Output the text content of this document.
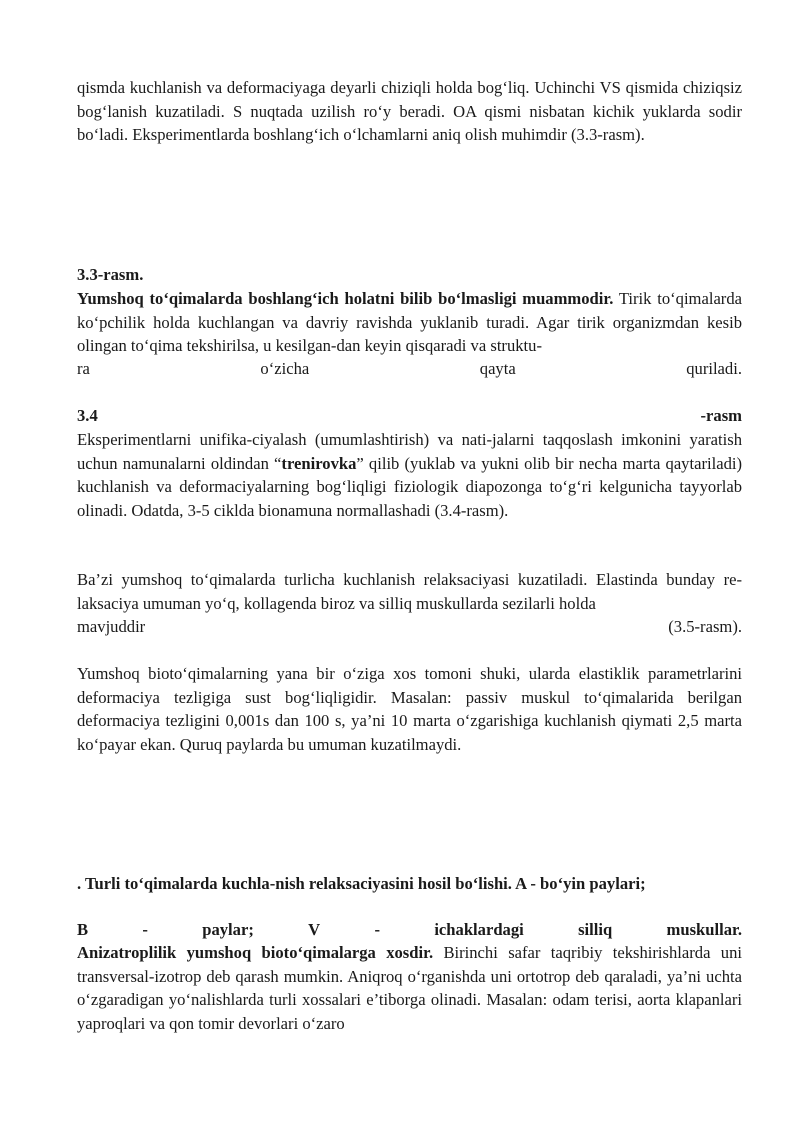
qismda kuchlanish va deformaciyaga deyarli chiziqli holda bog‘liq. Uchinchi VS qismida chiziqsiz bog‘lanish kuzatiladi. S nuqtada uzilish ro‘y beradi. OA qismi nisbatan kichik yuklarda sodir bo‘ladi. Eksperimentlarda boshlang‘ich o‘lchamlarni aniq olish muhimdir (3.3-rasm).

3.3-rasm.

Yumshoq to‘qimalarda boshlang‘ich holatni bilib bo‘lmasligi muammodir. Tirik to‘qimalarda ko‘pchilik holda kuchlangan va davriy ravishda yuklanib turadi. Agar tirik organizmdan kesib olingan to‘qima tekshirilsa, u kesilgan-dan keyin qisqaradi va struktu-

ra	o‘zicha	qayta	quriladi.
3.4	-rasm

Eksperimentlarni unifika-ciyalash (umumlashtirish) va nati-jalarni taqqoslash imkonini yaratish uchun namunalarni oldindan “trenirovka” qilib (yuklab va yukni olib bir necha marta qaytariladi) kuchlanish va deformaciyalarning bog‘liqligi fiziologik diapozonga to‘g‘ri kelgunicha tayyorlab olinadi. Odatda, 3-5 ciklda bionamuna normallashadi (3.4-rasm).

Ba’zi yumshoq to‘qimalarda turlicha kuchlanish relaksaciyasi kuzatiladi. Elastinda bunday re-laksaciya umuman yo‘q, kollagenda biroz va silliq muskullarda sezilarli holda

mavjuddir	(3.5-rasm).

Yumshoq bioto‘qimalarning yana bir o‘ziga xos tomoni shuki, ularda elastiklik parametrlarini deformaciya tezligiga sust bog‘liqligidir. Masalan: passiv muskul to‘qimalarida berilgan deformaciya tezligini 0,001s dan 100 s, ya’ni 10 marta o‘zgarishiga kuchlanish qiymati 2,5 marta ko‘payar ekan. Quruq paylarda bu umuman kuzatilmaydi.

. Turli to‘qimalarda kuchla-nish relaksaciyasini hosil bo‘lishi. A - bo‘yin paylari;

B	-	paylar;	V	-	ichaklardagi	silliq	muskullar.

Anizatroplilik yumshoq bioto‘qimalarga xosdir. Birinchi safar taqribiy tekshirishlarda uni transversal-izotrop deb qarash mumkin. Aniqroq o‘rganishda uni ortotrop deb qaraladi, ya’ni uchta o‘zgaradigan yo‘nalishlarda turli xossalari e’tiborga olinadi. Masalan: odam terisi, aorta klapanlari yaproqlari va qon tomir devorlari o‘zaro
